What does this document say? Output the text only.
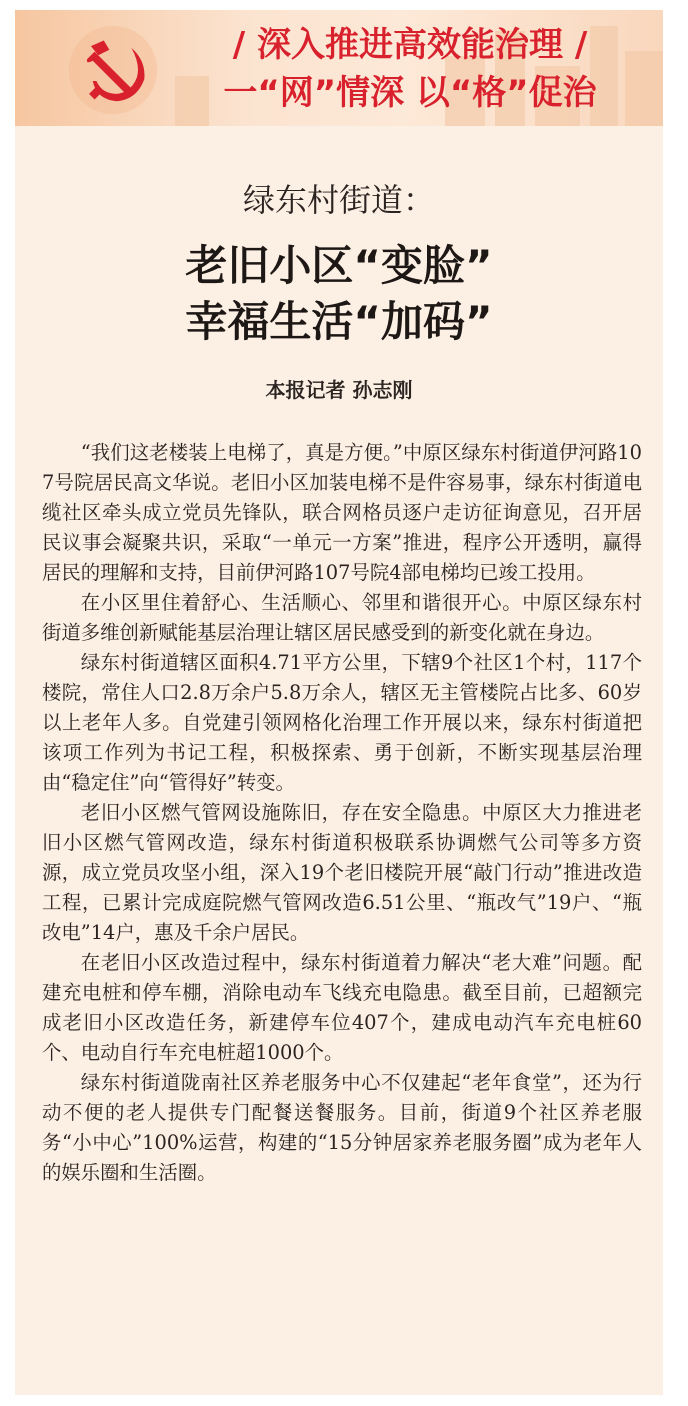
/ 深入推进高效能治理 /
一“网”情深 以“格”促治
绿东村街道：
老旧小区“变脸”
幸福生活“加码”
本报记者 孙志刚

“我们这老楼装上电梯了，真是方便。”中原区绿东村街道伊河路107号院居民高文华说。老旧小区加装电梯不是件容易事，绿东村街道电缆社区牵头成立党员先锋队，联合网格员逐户走访征询意见，召开居民议事会凝聚共识，采取“一单元一方案”推进，程序公开透明，赢得居民的理解和支持，目前伊河路107号院4部电梯均已竣工投用。

在小区里住着舒心、生活顺心、邻里和谐很开心。中原区绿东村街道多维创新赋能基层治理让辖区居民感受到的新变化就在身边。

绿东村街道辖区面积4.71平方公里，下辖9个社区1个村，117个楼院，常住人口2.8万余户5.8万余人，辖区无主管楼院占比多、60岁以上老年人多。自党建引领网格化治理工作开展以来，绿东村街道把该项工作列为书记工程，积极探索、勇于创新，不断实现基层治理由“稳定住”向“管得好”转变。

老旧小区燃气管网设施陈旧，存在安全隐患。中原区大力推进老旧小区燃气管网改造，绿东村街道积极联系协调燃气公司等多方资源，成立党员攻坚小组，深入19个老旧楼院开展“敲门行动”推进改造工程，已累计完成庭院燃气管网改造6.51公里、“瓶改气”19户、“瓶改电”14户，惠及千余户居民。

在老旧小区改造过程中，绿东村街道着力解决“老大难”问题。配建充电桩和停车棚，消除电动车飞线充电隐患。截至目前，已超额完成老旧小区改造任务，新建停车位407个，建成电动汽车充电桩60个、电动自行车充电桩超1000个。

绿东村街道陇南社区养老服务中心不仅建起“老年食堂”，还为行动不便的老人提供专门配餐送餐服务。目前，街道9个社区养老服务“小中心”100%运营，构建的“15分钟居家养老服务圈”成为老年人的娱乐圈和生活圈。
